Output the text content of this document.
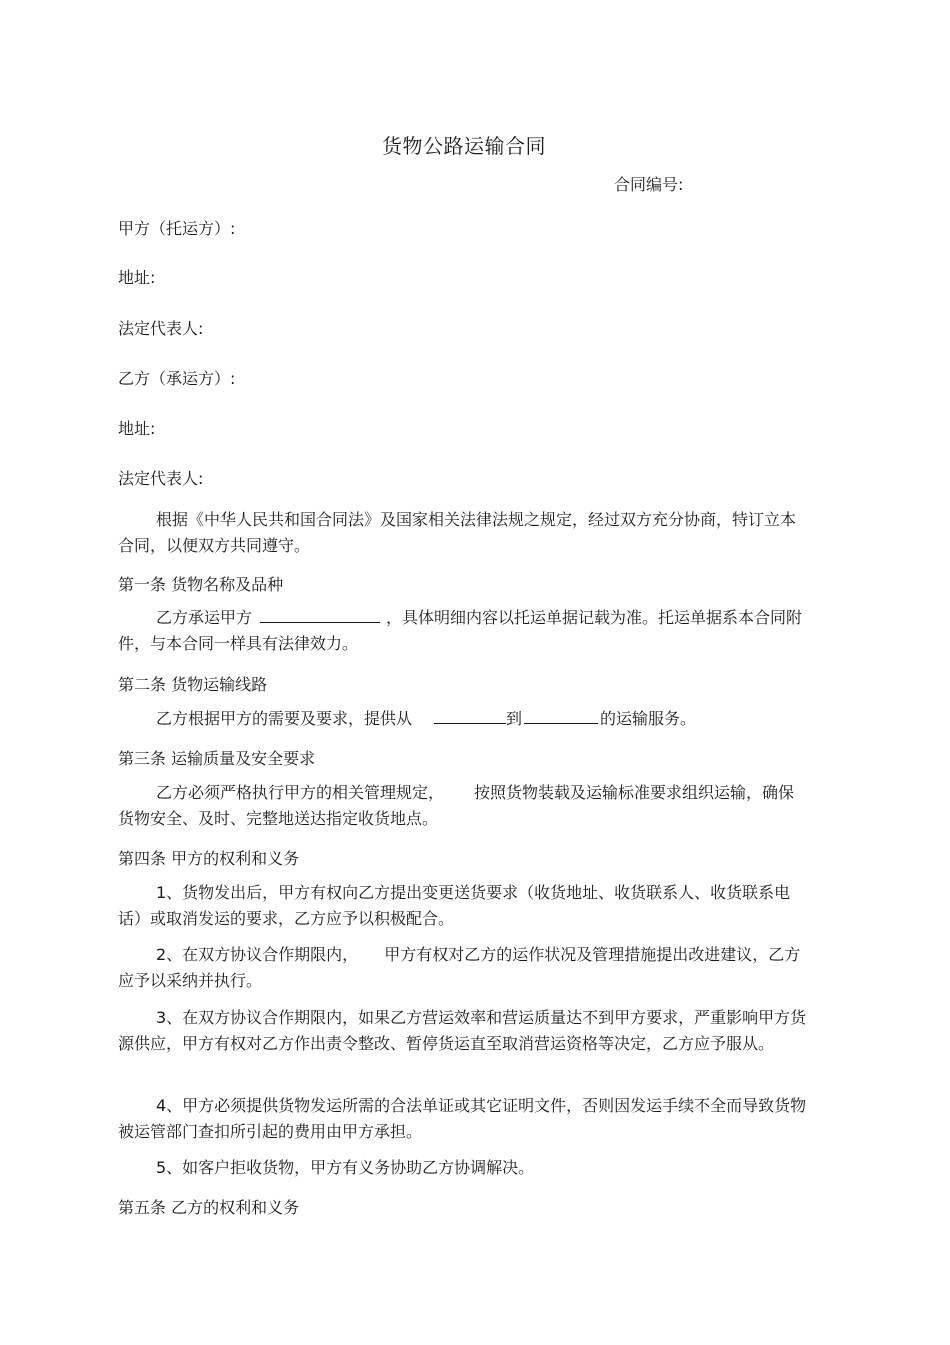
货物公路运输合同
合同编号:
甲方（托运方）:
地址:
法定代表人:
乙方（承运方）:
地址:
法定代表人:
根据《中华人民共和国合同法》及国家相关法律法规之规定，经过双方充分协商，特订立本合同，以便双方共同遵守。
第一条 货物名称及品种
乙方承运甲方	，具体明细内容以托运单据记载为准。托运单据系本合同附件，与本合同一样具有法律效力。
第二条 货物运输线路
乙方根据甲方的需要及要求，提供从	到	的运输服务。
第三条 运输质量及安全要求
乙方必须严格执行甲方的相关管理规定， 按照货物装载及运输标准要求组织运输，确保货物安全、及时、完整地送达指定收货地点。
第四条 甲方的权利和义务
1、货物发出后，甲方有权向乙方提出变更送货要求（收货地址、收货联系人、收货联系电话）或取消发运的要求，乙方应予以积极配合。
2、在双方协议合作期限内， 甲方有权对乙方的运作状况及管理措施提出改进建议，乙方应予以采纳并执行。
3、在双方协议合作期限内，如果乙方营运效率和营运质量达不到甲方要求，严重影响甲方货源供应，甲方有权对乙方作出责令整改、暂停货运直至取消营运资格等决定，乙方应予服从。
4、甲方必须提供货物发运所需的合法单证或其它证明文件，否则因发运手续不全而导致货物被运管部门查扣所引起的费用由甲方承担。
5、如客户拒收货物，甲方有义务协助乙方协调解决。
第五条 乙方的权利和义务
